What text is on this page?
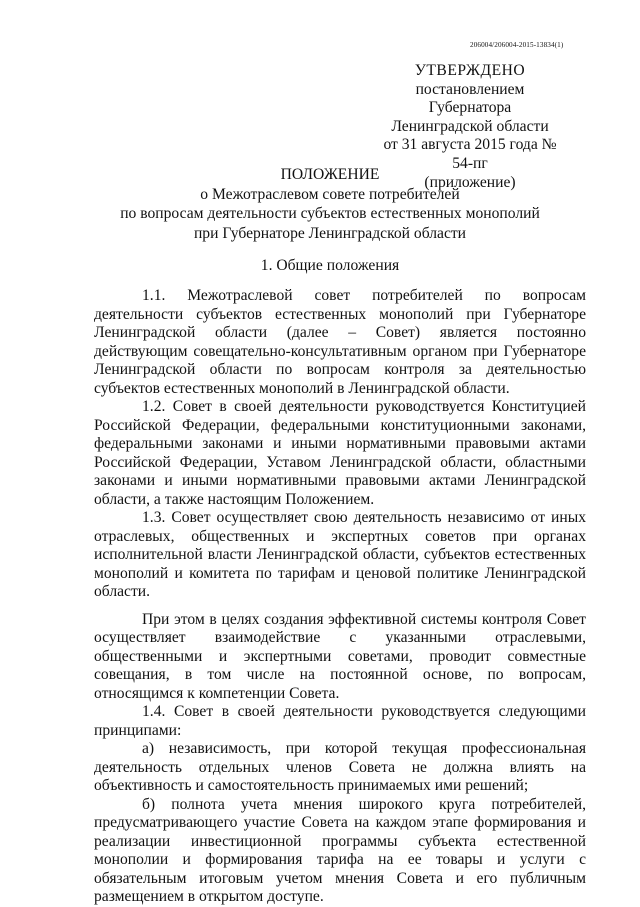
206004/206004-2015-13834(1)
УТВЕРЖДЕНО
постановлением Губернатора
Ленинградской области
от 31 августа 2015 года № 54-пг
(приложение)
ПОЛОЖЕНИЕ
о Межотраслевом совете потребителей
по вопросам деятельности субъектов естественных монополий
при Губернаторе Ленинградской области
1. Общие положения

1.1. Межотраслевой совет потребителей по вопросам деятельности субъектов естественных монополий при Губернаторе Ленинградской области (далее – Совет) является постоянно действующим совещательно-консультативным органом при Губернаторе Ленинградской области по вопросам контроля за деятельностью субъектов естественных монополий в Ленинградской области.

1.2. Совет в своей деятельности руководствуется Конституцией Российской Федерации, федеральными конституционными законами, федеральными законами и иными нормативными правовыми актами Российской Федерации, Уставом Ленинградской области, областными законами и иными нормативными правовыми актами Ленинградской области, а также настоящим Положением.

1.3. Совет осуществляет свою деятельность независимо от иных отраслевых, общественных и экспертных советов при органах исполнительной власти Ленинградской области, субъектов естественных монополий и комитета по тарифам и ценовой политике Ленинградской области.

При этом в целях создания эффективной системы контроля Совет осуществляет взаимодействие с указанными отраслевыми, общественными и экспертными советами, проводит совместные совещания, в том числе на постоянной основе, по вопросам, относящимся к компетенции Совета.

1.4. Совет в своей деятельности руководствуется следующими принципами:

а) независимость, при которой текущая профессиональная деятельность отдельных членов Совета не должна влиять на объективность и самостоятельность принимаемых ими решений;

б) полнота учета мнения широкого круга потребителей, предусматривающего участие Совета на каждом этапе формирования и реализации инвестиционной программы субъекта естественной монополии и формирования тарифа на ее товары и услуги с обязательным итоговым учетом мнения Совета и его публичным размещением в открытом доступе.
